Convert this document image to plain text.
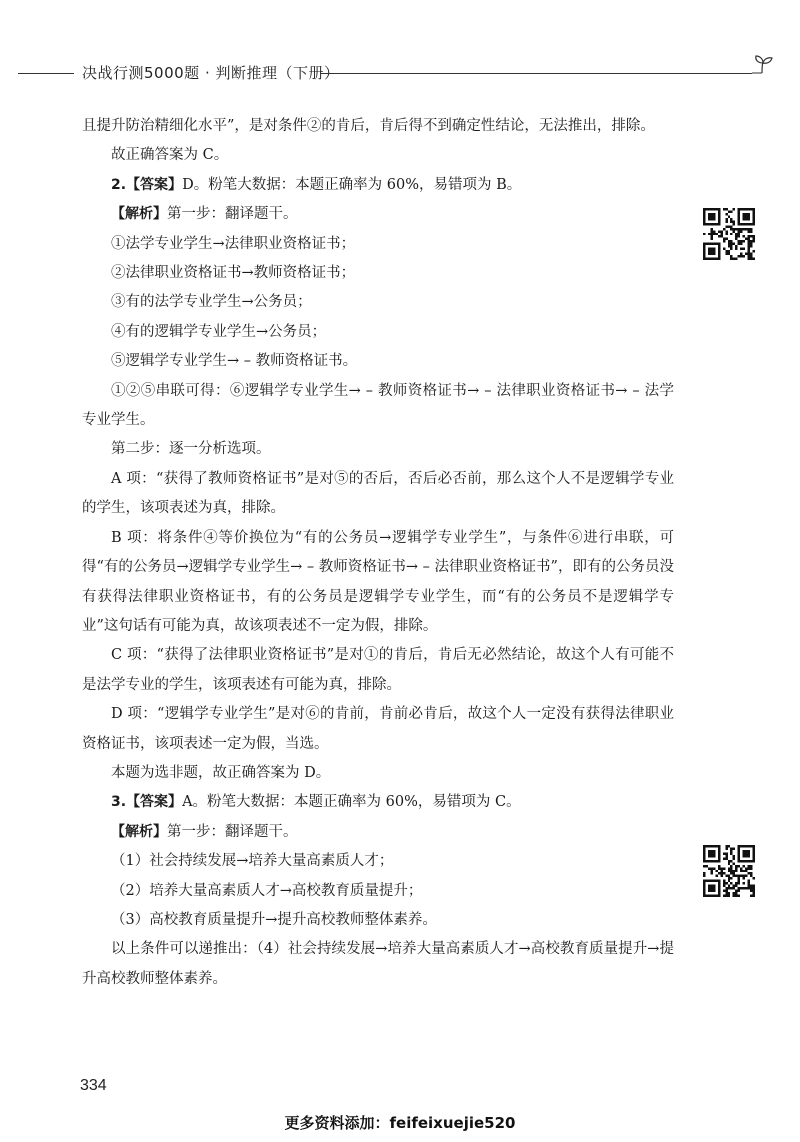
决战行测5000题 · 判断推理（下册）

且提升防治精细化水平”，是对条件②的肯后，肯后得不到确定性结论，无法推出，排除。

故正确答案为 C。

2.【答案】D。粉笔大数据：本题正确率为 60%，易错项为 B。

【解析】第一步：翻译题干。

①法学专业学生→法律职业资格证书；

②法律职业资格证书→教师资格证书；

③有的法学专业学生→公务员；

④有的逻辑学专业学生→公务员；

⑤逻辑学专业学生→ – 教师资格证书。

①②⑤串联可得：⑥逻辑学专业学生→ – 教师资格证书→ – 法律职业资格证书→ – 法学专业学生。

第二步：逐一分析选项。

A 项：“获得了教师资格证书”是对⑤的否后，否后必否前，那么这个人不是逻辑学专业的学生，该项表述为真，排除。

B 项：将条件④等价换位为“有的公务员→逻辑学专业学生”，与条件⑥进行串联，可得“有的公务员→逻辑学专业学生→ – 教师资格证书→ – 法律职业资格证书”，即有的公务员没有获得法律职业资格证书，有的公务员是逻辑学专业学生，而“有的公务员不是逻辑学专业”这句话有可能为真，故该项表述不一定为假，排除。

C 项：“获得了法律职业资格证书”是对①的肯后，肯后无必然结论，故这个人有可能不是法学专业的学生，该项表述有可能为真，排除。

D 项：“逻辑学专业学生”是对⑥的肯前，肯前必肯后，故这个人一定没有获得法律职业资格证书，该项表述一定为假，当选。

本题为选非题，故正确答案为 D。

3.【答案】A。粉笔大数据：本题正确率为 60%，易错项为 C。

【解析】第一步：翻译题干。

（1）社会持续发展→培养大量高素质人才；

（2）培养大量高素质人才→高校教育质量提升；

（3）高校教育质量提升→提升高校教师整体素养。

以上条件可以递推出：（4）社会持续发展→培养大量高素质人才→高校教育质量提升→提升高校教师整体素养。

334
更多资料添加：feifeixuejie520
